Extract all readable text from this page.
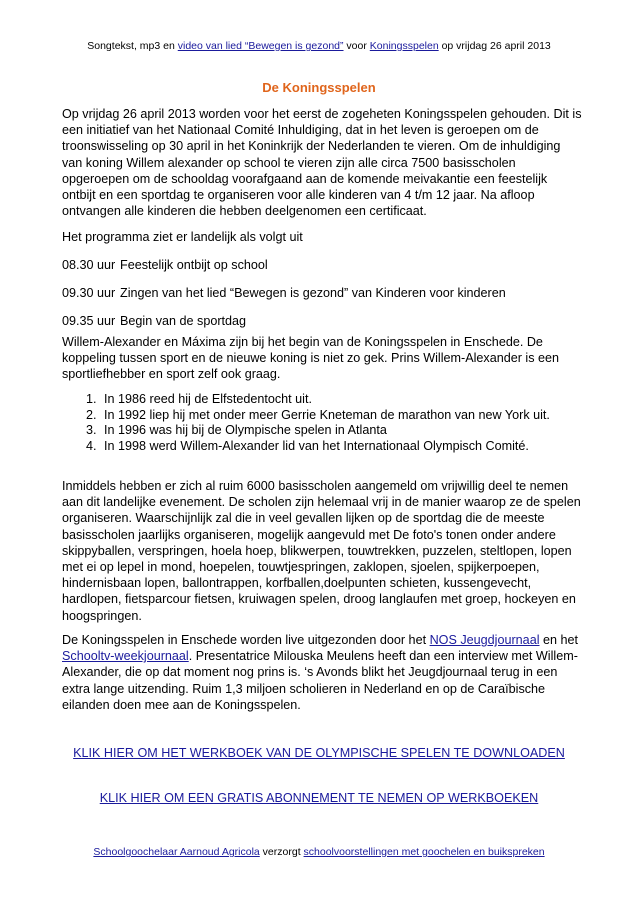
Songtekst, mp3 en video van lied “Bewegen is gezond” voor Koningsspelen op vrijdag 26 april 2013
De Koningsspelen
Op vrijdag 26 april 2013 worden voor het eerst de zogeheten Koningsspelen gehouden. Dit is een initiatief van het Nationaal Comité Inhuldiging, dat in het leven is geroepen om de troonswisseling op 30 april in het Koninkrijk der Nederlanden te vieren. Om de inhuldiging van koning Willem alexander op school te vieren zijn alle circa 7500 basisscholen opgeroepen om de schooldag voorafgaand aan de komende meivakantie een feestelijk ontbijt en een sportdag te organiseren voor alle kinderen van 4 t/m 12 jaar. Na afloop ontvangen alle kinderen die hebben deelgenomen een certificaat.
Het programma ziet er landelijk als volgt uit
08.30 uur Feestelijk ontbijt op school
09.30 uur Zingen van het lied “Bewegen is gezond” van Kinderen voor kinderen
09.35 uur Begin van de sportdag
Willem-Alexander en Máxima zijn bij het begin van de Koningsspelen in Enschede. De koppeling tussen sport en de nieuwe koning is niet zo gek. Prins Willem-Alexander is een sportliefhebber en sport zelf ook graag.
1. In 1986 reed hij de Elfstedentocht uit.
2. In 1992 liep hij met onder meer Gerrie Kneteman de marathon van new York uit.
3. In 1996 was hij bij de Olympische spelen in Atlanta
4. In 1998 werd Willem-Alexander lid van het Internationaal Olympisch Comité.
Inmiddels hebben er zich al ruim 6000 basisscholen aangemeld om vrijwillig deel te nemen aan dit landelijke evenement. De scholen zijn helemaal vrij in de manier waarop ze de spelen organiseren. Waarschijnlijk zal die in veel gevallen lijken op de sportdag die de meeste basisscholen jaarlijks organiseren, mogelijk aangevuld met De foto's tonen onder andere skippyballen, verspringen, hoela hoep, blikwerpen, touwtrekken, puzzelen, steltlopen, lopen met ei op lepel in mond, hoepelen, touwtjespringen, zaklopen, sjoelen, spijkerpoepen, hindernisbaan lopen, ballontrappen, korfballen,doelpunten schieten, kussengevecht, hardlopen, fietsparcour fietsen, kruiwagen spelen, droog langlaufen met groep, hockeyen en hoogspringen.
De Koningsspelen in Enschede worden live uitgezonden door het NOS Jeugdjournaal en het Schooltv-weekjournaal. Presentatrice Milouska Meulens heeft dan een interview met Willem-Alexander, die op dat moment nog prins is. ‘s Avonds blikt het Jeugdjournaal terug in een extra lange uitzending. Ruim 1,3 miljoen scholieren in Nederland en op de Caraïbische eilanden doen mee aan de Koningsspelen.
KLIK HIER OM HET WERKBOEK VAN DE OLYMPISCHE SPELEN TE DOWNLOADEN
KLIK HIER OM EEN GRATIS ABONNEMENT TE NEMEN OP WERKBOEKEN
Schoolgoochelaar Aarnoud Agricola verzorgt schoolvoorstellingen met goochelen en buikspreken
